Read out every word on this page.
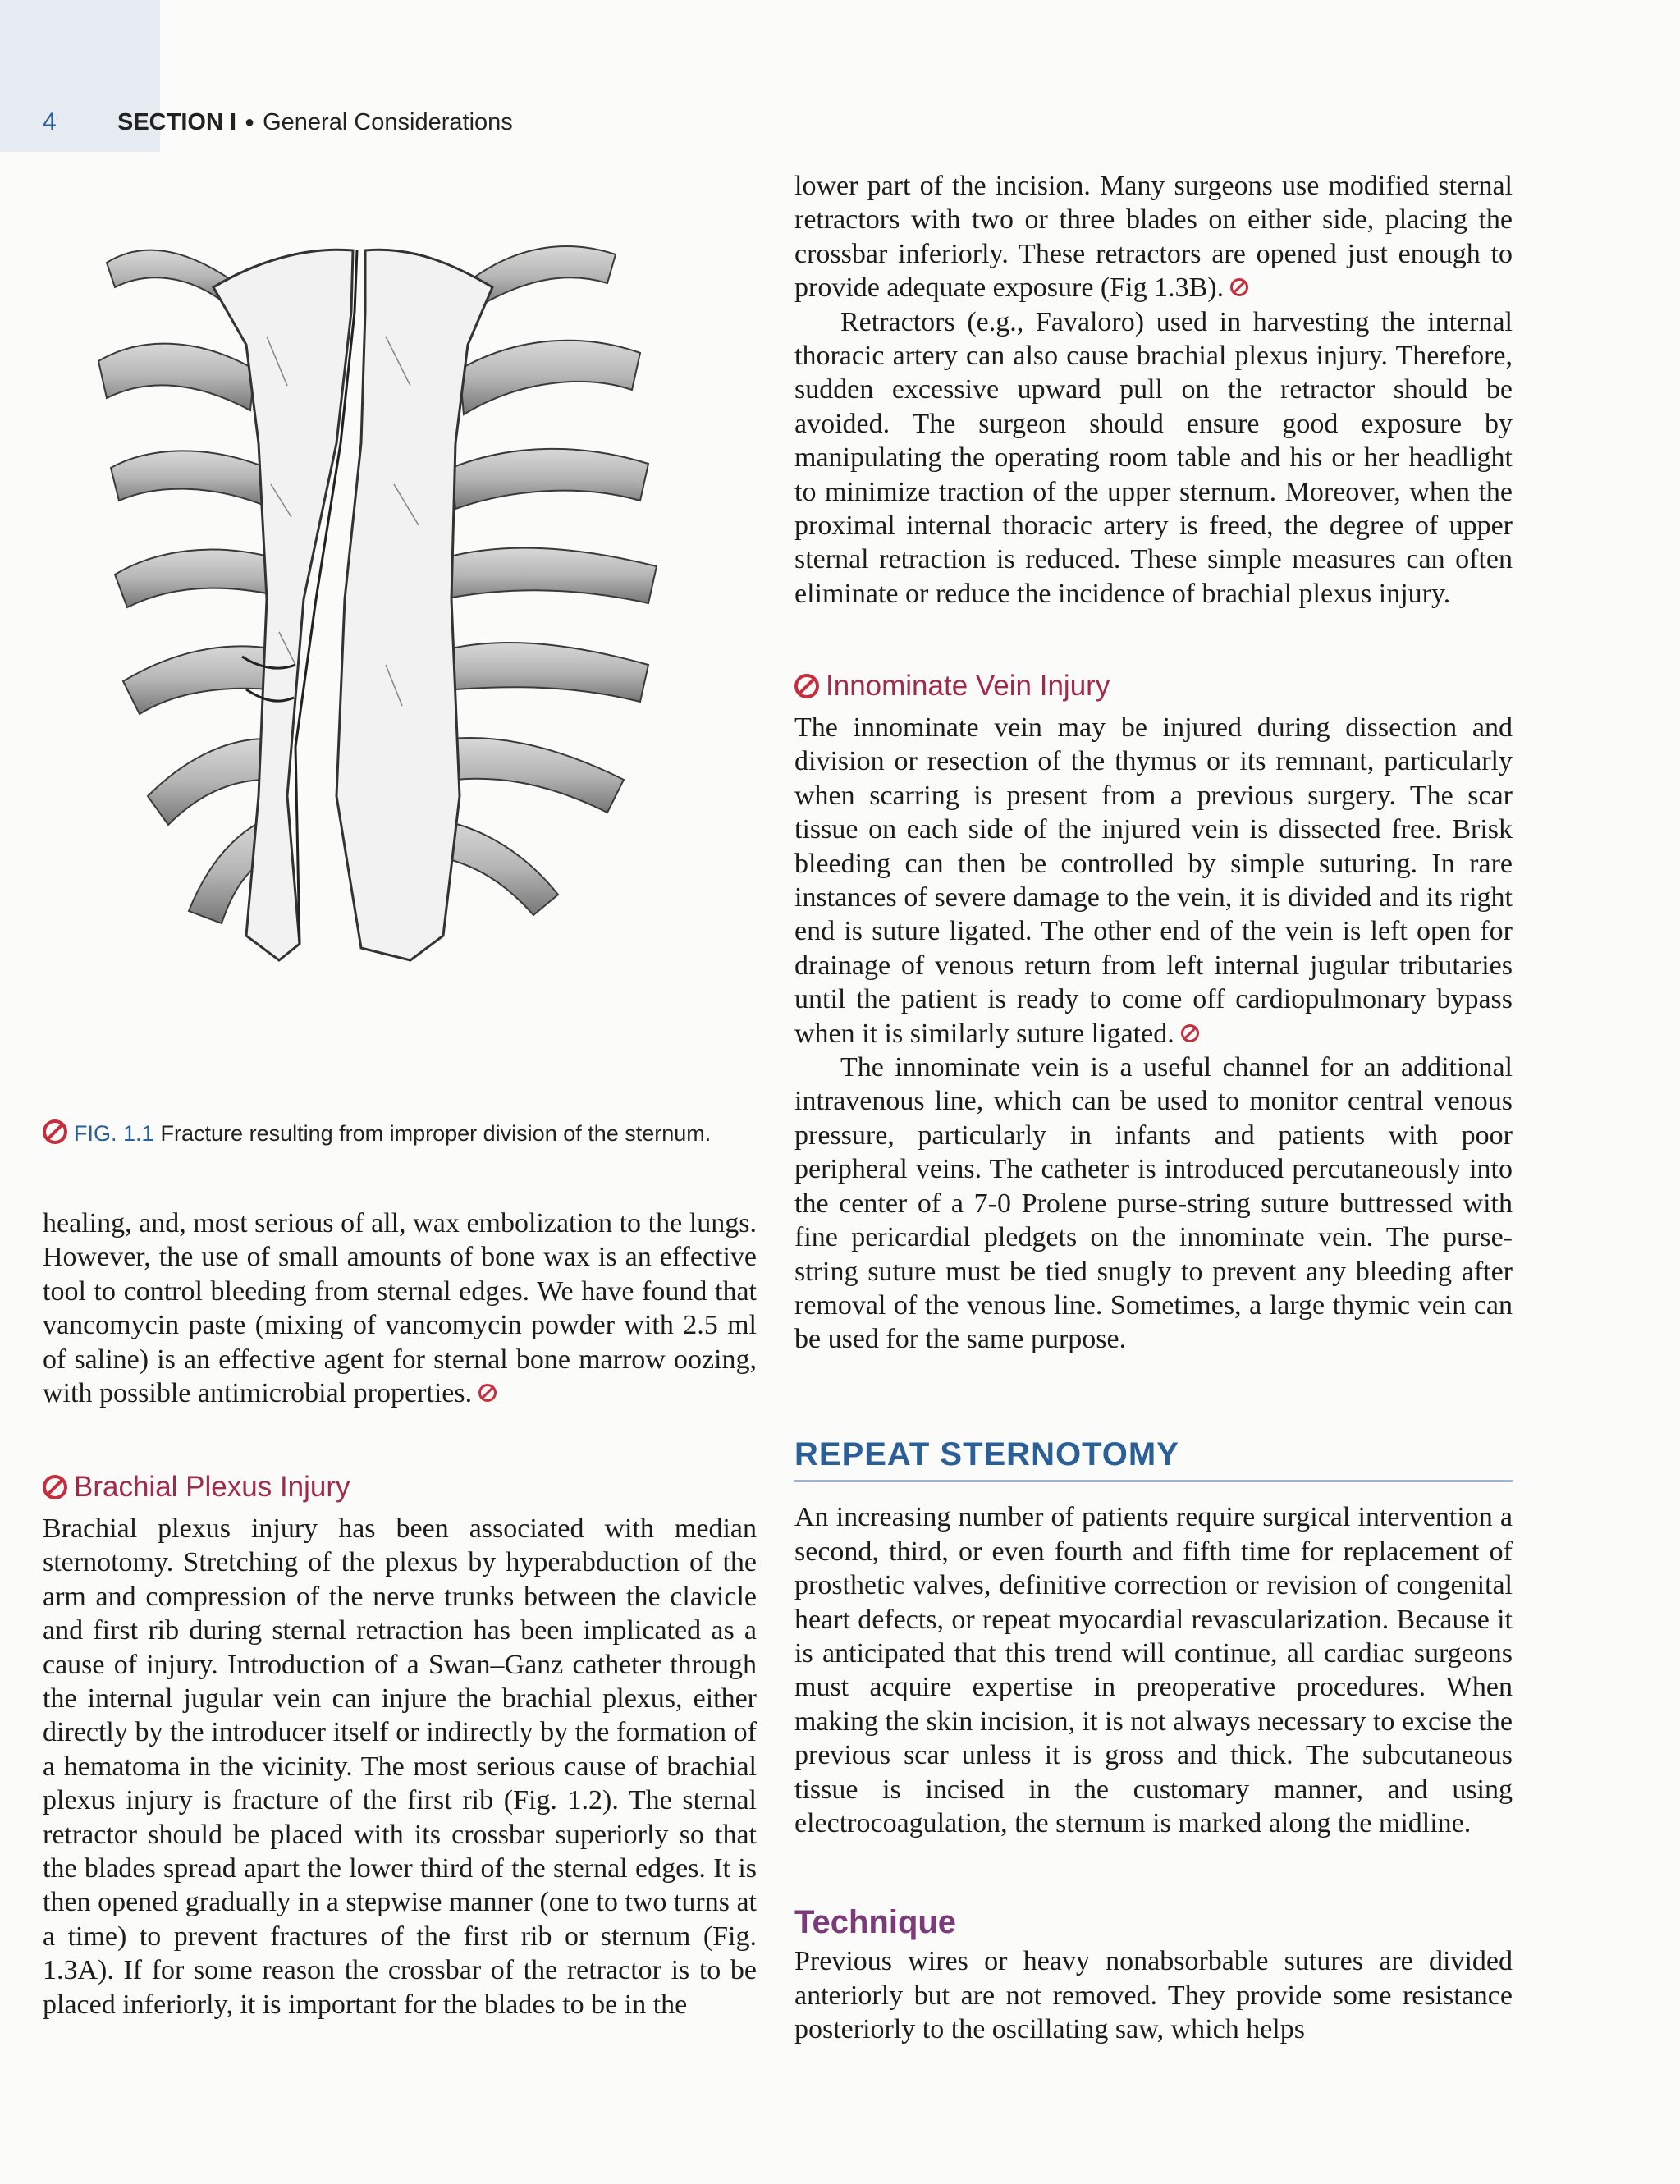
4	SECTION I ● General Considerations
FIG. 1.1 Fracture resulting from improper division of the sternum.

healing, and, most serious of all, wax embolization to the lungs. However, the use of small amounts of bone wax is an effective tool to control bleeding from sternal edges. We have found that vancomycin paste (mixing of vancomycin powder with 2.5 ml of saline) is an effective agent for sternal bone marrow oozing, with possible antimicrobial properties.

Brachial Plexus Injury

Brachial plexus injury has been associated with median sternotomy. Stretching of the plexus by hyperabduction of the arm and compression of the nerve trunks between the clavicle and first rib during sternal retraction has been implicated as a cause of injury. Introduction of a Swan–Ganz catheter through the internal jugular vein can injure the brachial plexus, either directly by the introducer itself or indirectly by the formation of a hematoma in the vicinity. The most serious cause of brachial plexus injury is fracture of the first rib (Fig. 1.2). The sternal retractor should be placed with its crossbar superiorly so that the blades spread apart the lower third of the sternal edges. It is then opened gradually in a stepwise manner (one to two turns at a time) to prevent fractures of the first rib or sternum (Fig. 1.3A). If for some reason the crossbar of the retractor is to be placed inferiorly, it is important for the blades to be in the

lower part of the incision. Many surgeons use modified sternal retractors with two or three blades on either side, placing the crossbar inferiorly. These retractors are opened just enough to provide adequate exposure (Fig 1.3B).

Retractors (e.g., Favaloro) used in harvesting the internal thoracic artery can also cause brachial plexus injury. Therefore, sudden excessive upward pull on the retractor should be avoided. The surgeon should ensure good exposure by manipulating the operating room table and his or her headlight to minimize traction of the upper sternum. Moreover, when the proximal internal thoracic artery is freed, the degree of upper sternal retraction is reduced. These simple measures can often eliminate or reduce the incidence of brachial plexus injury.

Innominate Vein Injury

The innominate vein may be injured during dissection and division or resection of the thymus or its remnant, particularly when scarring is present from a previous surgery. The scar tissue on each side of the injured vein is dissected free. Brisk bleeding can then be controlled by simple suturing. In rare instances of severe damage to the vein, it is divided and its right end is suture ligated. The other end of the vein is left open for drainage of venous return from left internal jugular tributaries until the patient is ready to come off cardiopulmonary bypass when it is similarly suture ligated.

The innominate vein is a useful channel for an additional intravenous line, which can be used to monitor central venous pressure, particularly in infants and patients with poor peripheral veins. The catheter is introduced percutaneously into the center of a 7-0 Prolene purse-string suture buttressed with fine pericardial pledgets on the innominate vein. The purse-string suture must be tied snugly to prevent any bleeding after removal of the venous line. Sometimes, a large thymic vein can be used for the same purpose.

REPEAT STERNOTOMY

An increasing number of patients require surgical intervention a second, third, or even fourth and fifth time for replacement of prosthetic valves, definitive correction or revision of congenital heart defects, or repeat myocardial revascularization. Because it is anticipated that this trend will continue, all cardiac surgeons must acquire expertise in preoperative procedures. When making the skin incision, it is not always necessary to excise the previous scar unless it is gross and thick. The subcutaneous tissue is incised in the customary manner, and using electrocoagulation, the sternum is marked along the midline.

Technique

Previous wires or heavy nonabsorbable sutures are divided anteriorly but are not removed. They provide some resistance posteriorly to the oscillating saw, which helps
